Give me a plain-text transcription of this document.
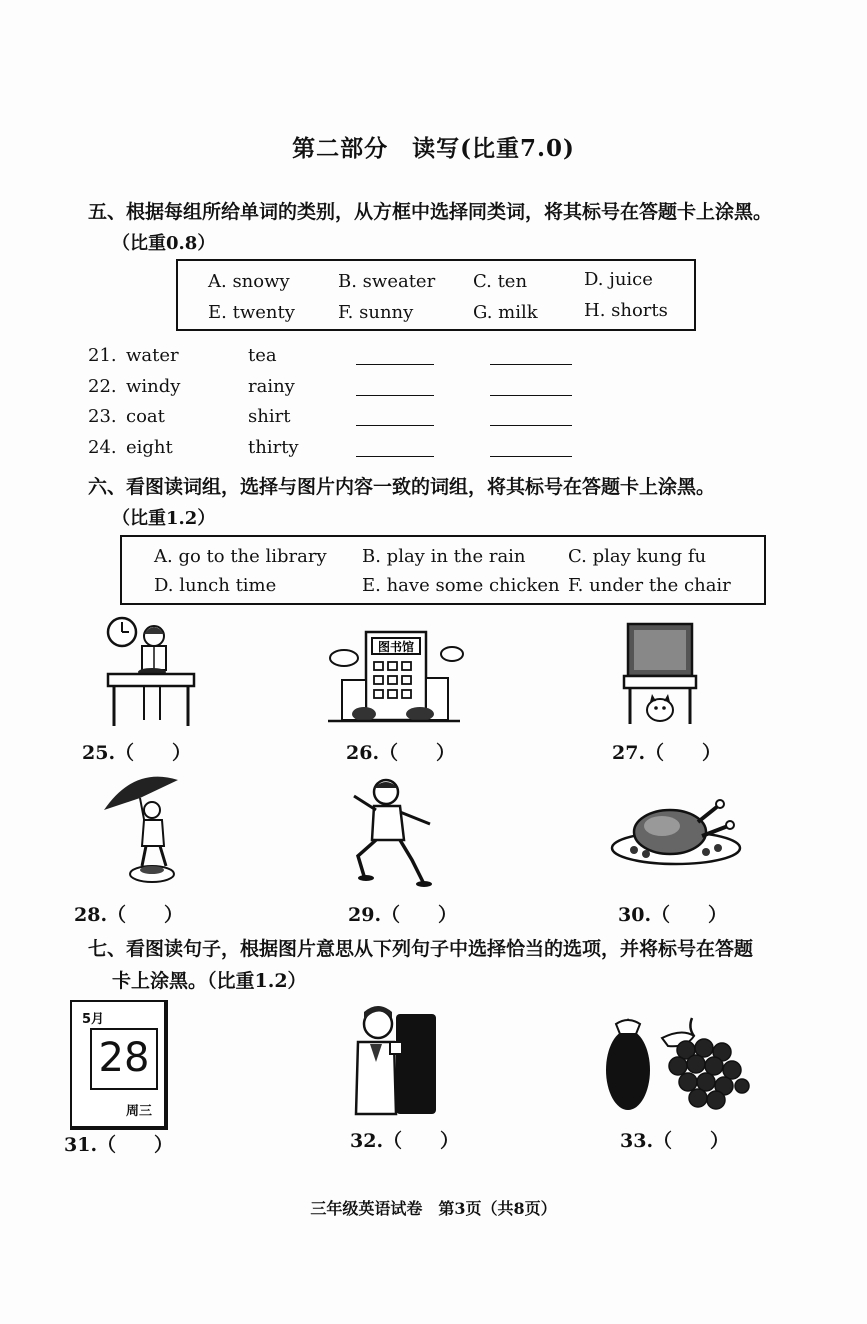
第二部分　读写(比重7.0)
五、根据每组所给单词的类别，从方框中选择同类词，将其标号在答题卡上涂黑。
（比重0.8）
A. snowy	B. sweater C. ten	D. juice
E. twenty F. sunny	G. milk	H. shorts
21. water	tea
22. windy	rainy
23. coat	shirt
24. eight	thirty
六、看图读词组，选择与图片内容一致的词组，将其标号在答题卡上涂黑。
（比重1.2）
A. go to the library B. play in the rain C. play kung fu
D. lunch time	E. have some chicken F. under the chair
图书馆
25.（　　）	26.（　　）	27.（　　）
28.（　　）	29.（　　）	30.（　　）
七、看图读句子，根据图片意思从下列句子中选择恰当的选项，并将标号在答题
卡上涂黑。（比重1.2）
5月
28
周三
31.（　　）	32.（　　）	33.（　　）
三年级英语试卷　第3页（共8页）
